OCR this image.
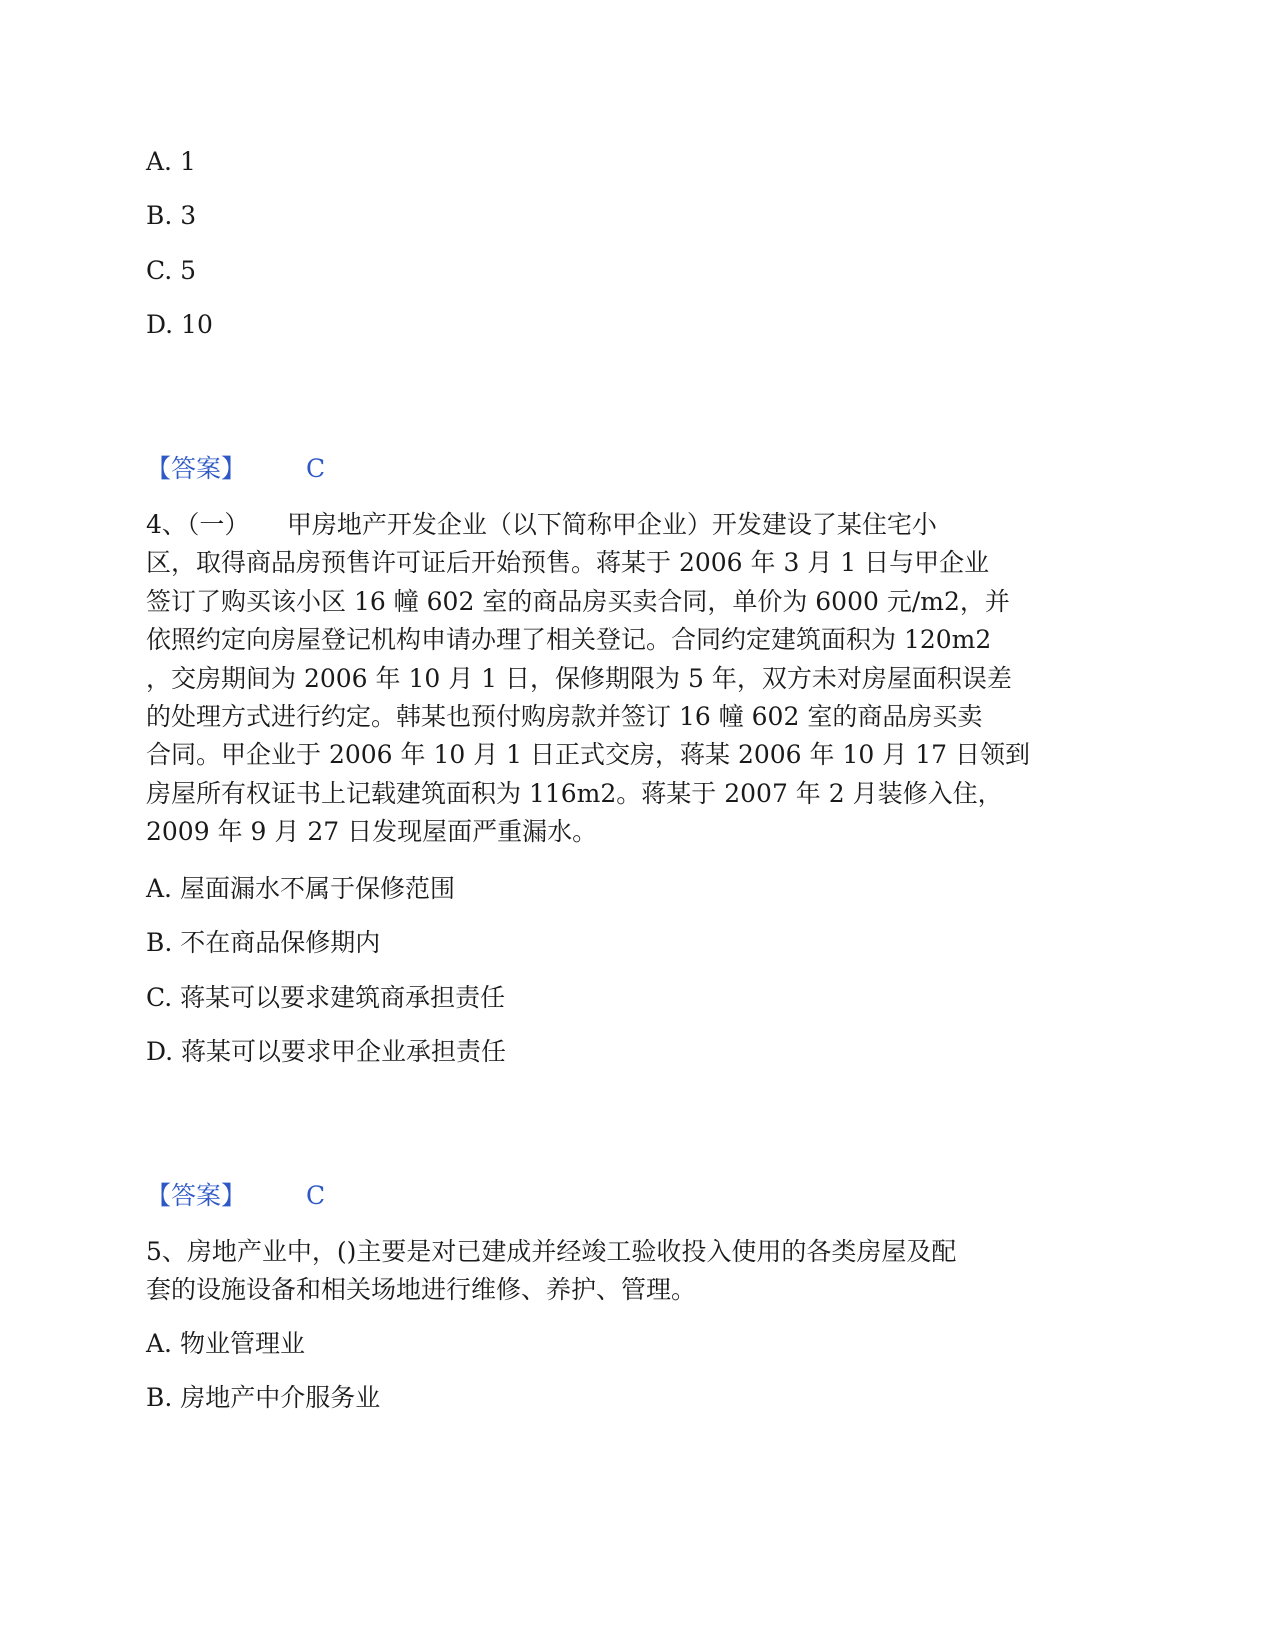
A. 1
B. 3
C. 5
D. 10
【答案】 C
4、（一）　　甲房地产开发企业（以下简称甲企业）开发建设了某住宅小
区，取得商品房预售许可证后开始预售。蒋某于 2006 年 3 月 1 日与甲企业
签订了购买该小区 16 幢 602 室的商品房买卖合同，单价为 6000 元/m2，并
依照约定向房屋登记机构申请办理了相关登记。合同约定建筑面积为 120m2
，交房期间为 2006 年 10 月 1 日，保修期限为 5 年，双方未对房屋面积误差
的处理方式进行约定。韩某也预付购房款并签订 16 幢 602 室的商品房买卖
合同。甲企业于 2006 年 10 月 1 日正式交房，蒋某 2006 年 10 月 17 日领到
房屋所有权证书上记载建筑面积为 116m2。蒋某于 2007 年 2 月装修入住，
2009 年 9 月 27 日发现屋面严重漏水。
A. 屋面漏水不属于保修范围
B. 不在商品保修期内
C. 蒋某可以要求建筑商承担责任
D. 蒋某可以要求甲企业承担责任
【答案】 C
5、房地产业中，()主要是对已建成并经竣工验收投入使用的各类房屋及配
套的设施设备和相关场地进行维修、养护、管理。
A. 物业管理业
B. 房地产中介服务业
